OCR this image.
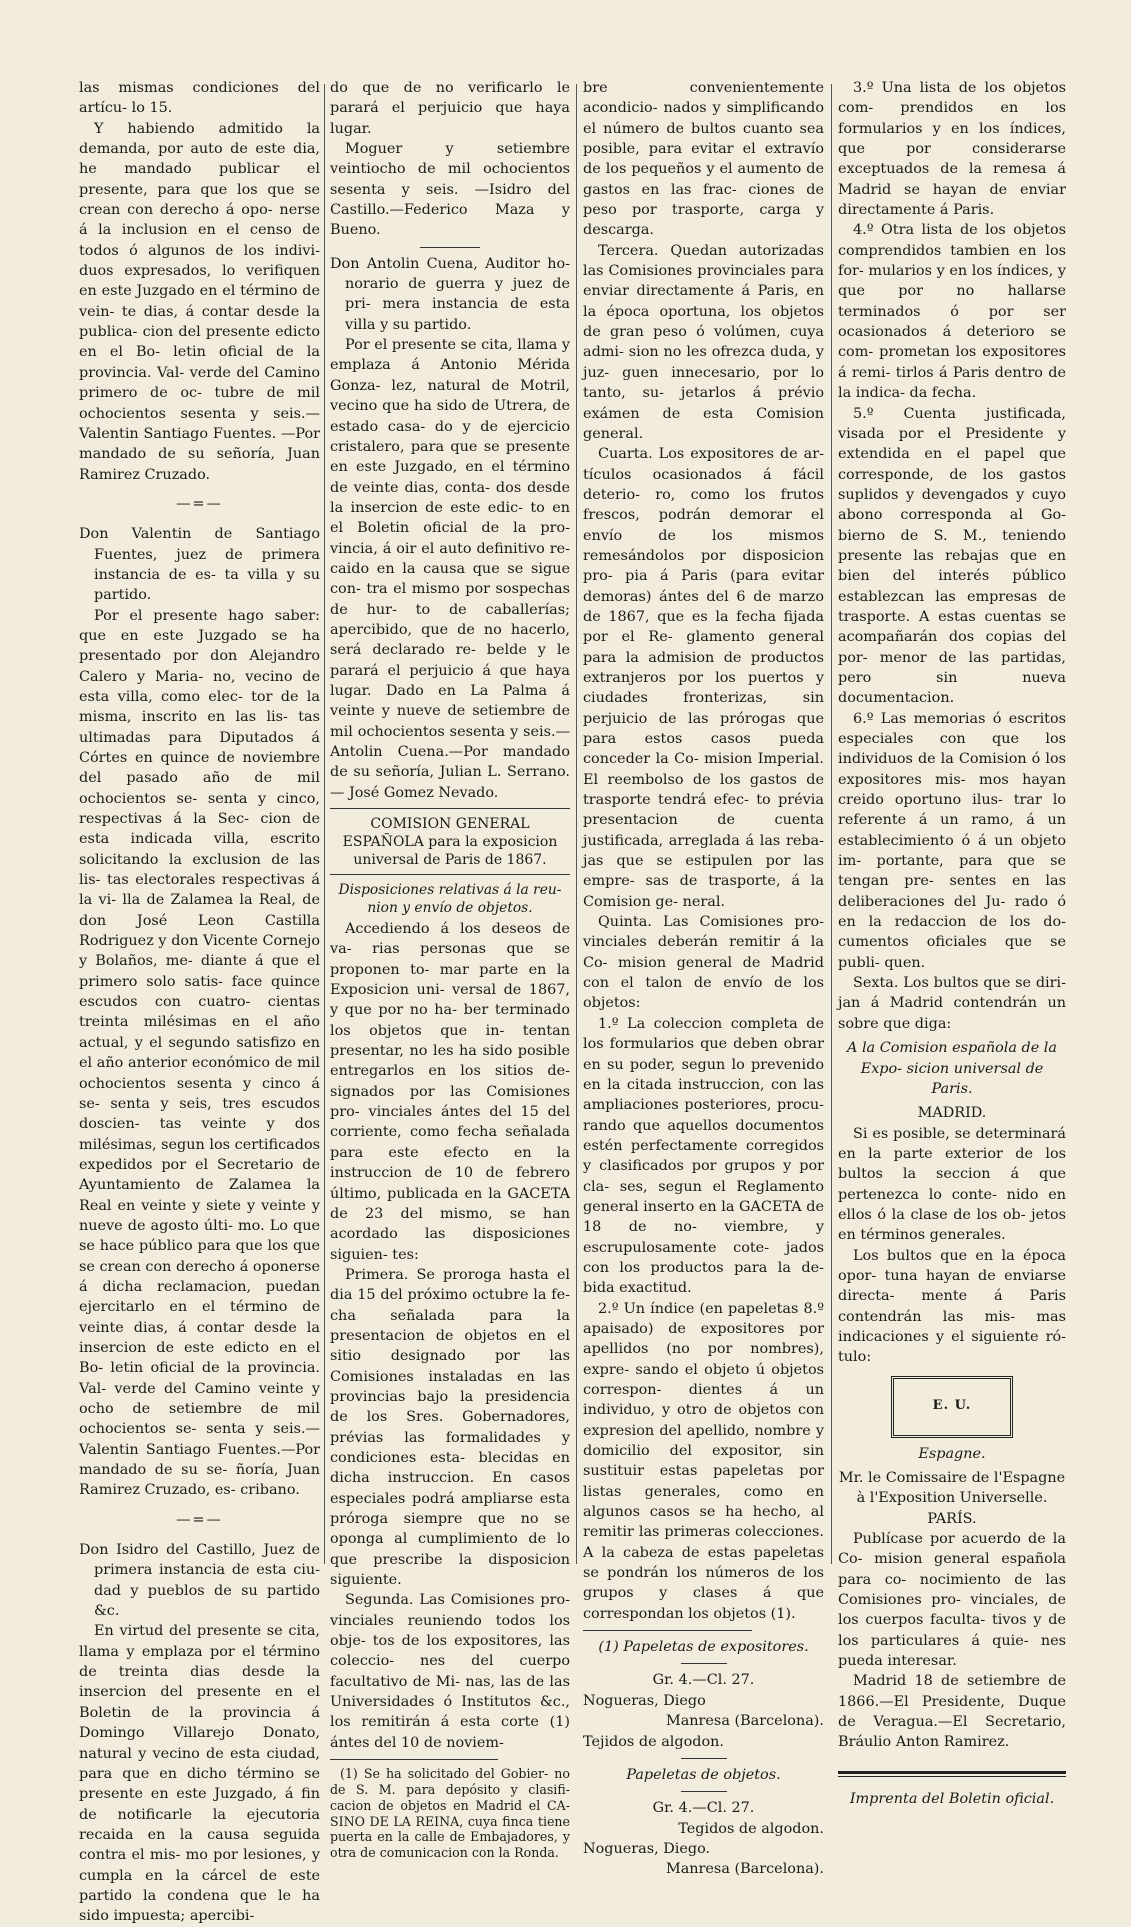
las mismas condiciones del artícu- lo 15.

Y habiendo admitido la demanda, por auto de este dia, he mandado publicar el presente, para que los que se crean con derecho á opo- nerse á la inclusion en el censo de todos ó algunos de los indivi- duos expresados, lo verifiquen en este Juzgado en el término de vein- te dias, á contar desde la publica- cion del presente edicto en el Bo- letin oficial de la provincia. Val- verde del Camino primero de oc- tubre de mil ochocientos sesenta y seis.—Valentin Santiago Fuentes. —Por mandado de su señoría, Juan Ramirez Cruzado.

—=—

Don Valentin de Santiago Fuentes, juez de primera instancia de es- ta villa y su partido.

Por el presente hago saber: que en este Juzgado se ha presentado por don Alejandro Calero y Maria- no, vecino de esta villa, como elec- tor de la misma, inscrito en las lis- tas ultimadas para Diputados á Córtes en quince de noviembre del pasado año de mil ochocientos se- senta y cinco, respectivas á la Sec- cion de esta indicada villa, escrito solicitando la exclusion de las lis- tas electorales respectivas á la vi- lla de Zalamea la Real, de don José Leon Castilla Rodriguez y don Vicente Cornejo y Bolaños, me- diante á que el primero solo satis- face quince escudos con cuatro- cientas treinta milésimas en el año actual, y el segundo satisfizo en el año anterior económico de mil ochocientos sesenta y cinco á se- senta y seis, tres escudos doscien- tas veinte y dos milésimas, segun los certificados expedidos por el Secretario de Ayuntamiento de Zalamea la Real en veinte y siete y veinte y nueve de agosto últi- mo. Lo que se hace público para que los que se crean con derecho á oponerse á dicha reclamacion, puedan ejercitarlo en el término de veinte dias, á contar desde la insercion de este edicto en el Bo- letin oficial de la provincia. Val- verde del Camino veinte y ocho de setiembre de mil ochocientos se- senta y seis.—Valentin Santiago Fuentes.—Por mandado de su se- ñoría, Juan Ramirez Cruzado, es- cribano.

—=—

Don Isidro del Castillo, Juez de primera instancia de esta ciu- dad y pueblos de su partido &c.

En virtud del presente se cita, llama y emplaza por el término de treinta dias desde la insercion del presente en el Boletin de la provincia á Domingo Villarejo Donato, natural y vecino de esta ciudad, para que en dicho término se presente en este Juzgado, á fin de notificarle la ejecutoria recaida en la causa seguida contra el mis- mo por lesiones, y cumpla en la cárcel de este partido la condena que le ha sido impuesta; apercibi-

do que de no verificarlo le parará el perjuicio que haya lugar.

Moguer y setiembre veintiocho de mil ochocientos sesenta y seis. —Isidro del Castillo.—Federico Maza y Bueno.

Don Antolin Cuena, Auditor ho- norario de guerra y juez de pri- mera instancia de esta villa y su partido.

Por el presente se cita, llama y emplaza á Antonio Mérida Gonza- lez, natural de Motril, vecino que ha sido de Utrera, de estado casa- do y de ejercicio cristalero, para que se presente en este Juzgado, en el término de veinte dias, conta- dos desde la insercion de este edic- to en el Boletin oficial de la pro- vincia, á oir el auto definitivo re- caido en la causa que se sigue con- tra el mismo por sospechas de hur- to de caballerías; apercibido, que de no hacerlo, será declarado re- belde y le parará el perjuicio á que haya lugar. Dado en La Palma á veinte y nueve de setiembre de mil ochocientos sesenta y seis.— Antolin Cuena.—Por mandado de su señoría, Julian L. Serrano.— José Gomez Nevado.

COMISION GENERAL ESPAÑOLA para la exposicion universal de Paris de 1867.
Disposiciones relativas á la reu- nion y envío de objetos.

Accediendo á los deseos de va- rias personas que se proponen to- mar parte en la Exposicion uni- versal de 1867, y que por no ha- ber terminado los objetos que in- tentan presentar, no les ha sido posible entregarlos en los sitios de- signados por las Comisiones pro- vinciales ántes del 15 del corriente, como fecha señalada para este efecto en la instruccion de 10 de febrero último, publicada en la GACETA de 23 del mismo, se han acordado las disposiciones siguien- tes:

Primera. Se proroga hasta el dia 15 del próximo octubre la fe- cha señalada para la presentacion de objetos en el sitio designado por las Comisiones instaladas en las provincias bajo la presidencia de los Sres. Gobernadores, prévias las formalidades y condiciones esta- blecidas en dicha instruccion. En casos especiales podrá ampliarse esta próroga siempre que no se oponga al cumplimiento de lo que prescribe la disposicion siguiente.

Segunda. Las Comisiones pro- vinciales reuniendo todos los obje- tos de los expositores, las coleccio- nes del cuerpo facultativo de Mi- nas, las de las Universidades ó Institutos &c., los remitirán á esta corte (1) ántes del 10 de noviem-

(1) Se ha solicitado del Gobier- no de S. M. para depósito y clasifi- cacion de objetos en Madrid el CA- SINO DE LA REINA, cuya finca tiene puerta en la calle de Embajadores, y otra de comunicacion con la Ronda.

bre convenientemente acondicio- nados y simplificando el número de bultos cuanto sea posible, para evitar el extravío de los pequeños y el aumento de gastos en las frac- ciones de peso por trasporte, carga y descarga.

Tercera. Quedan autorizadas las Comisiones provinciales para enviar directamente á Paris, en la época oportuna, los objetos de gran peso ó volúmen, cuya admi- sion no les ofrezca duda, y juz- guen innecesario, por lo tanto, su- jetarlos á prévio exámen de esta Comision general.

Cuarta. Los expositores de ar- tículos ocasionados á fácil deterio- ro, como los frutos frescos, podrán demorar el envío de los mismos remesándolos por disposicion pro- pia á Paris (para evitar demoras) ántes del 6 de marzo de 1867, que es la fecha fijada por el Re- glamento general para la admision de productos extranjeros por los puertos y ciudades fronterizas, sin perjuicio de las prórogas que para estos casos pueda conceder la Co- mision Imperial. El reembolso de los gastos de trasporte tendrá efec- to prévia presentacion de cuenta justificada, arreglada á las reba- jas que se estipulen por las empre- sas de trasporte, á la Comision ge- neral.

Quinta. Las Comisiones pro- vinciales deberán remitir á la Co- mision general de Madrid con el talon de envío de los objetos:

1.º La coleccion completa de los formularios que deben obrar en su poder, segun lo prevenido en la citada instruccion, con las ampliaciones posteriores, procu- rando que aquellos documentos estén perfectamente corregidos y clasificados por grupos y por cla- ses, segun el Reglamento general inserto en la GACETA de 18 de no- viembre, y escrupulosamente cote- jados con los productos para la de- bida exactitud.

2.º Un índice (en papeletas 8.º apaisado) de expositores por apellidos (no por nombres), expre- sando el objeto ú objetos correspon- dientes á un individuo, y otro de objetos con expresion del apellido, nombre y domicilio del expositor, sin sustituir estas papeletas por listas generales, como en algunos casos se ha hecho, al remitir las primeras colecciones. A la cabeza de estas papeletas se pondrán los números de los grupos y clases á que correspondan los objetos (1).

(1) Papeletas de expositores.
Gr. 4.—Cl. 27.
Nogueras, Diego
Manresa (Barcelona).
Tejidos de algodon.
Papeletas de objetos.
Gr. 4.—Cl. 27.
Tegidos de algodon.
Nogueras, Diego.
Manresa (Barcelona).

3.º Una lista de los objetos com- prendidos en los formularios y en los índices, que por considerarse exceptuados de la remesa á Madrid se hayan de enviar directamente á Paris.

4.º Otra lista de los objetos comprendidos tambien en los for- mularios y en los índices, y que por no hallarse terminados ó por ser ocasionados á deterioro se com- prometan los expositores á remi- tirlos á Paris dentro de la indica- da fecha.

5.º Cuenta justificada, visada por el Presidente y extendida en el papel que corresponde, de los gastos suplidos y devengados y cuyo abono corresponda al Go- bierno de S. M., teniendo presente las rebajas que en bien del interés público establezcan las empresas de trasporte. A estas cuentas se acompañarán dos copias del por- menor de las partidas, pero sin nueva documentacion.

6.º Las memorias ó escritos especiales con que los individuos de la Comision ó los expositores mis- mos hayan creido oportuno ilus- trar lo referente á un ramo, á un establecimiento ó á un objeto im- portante, para que se tengan pre- sentes en las deliberaciones del Ju- rado ó en la redaccion de los do- cumentos oficiales que se publi- quen.

Sexta. Los bultos que se diri- jan á Madrid contendrán un sobre que diga:

A la Comision española de la Expo- sicion universal de Paris.
MADRID.

Si es posible, se determinará en la parte exterior de los bultos la seccion á que pertenezca lo conte- nido en ellos ó la clase de los ob- jetos en términos generales.

Los bultos que en la época opor- tuna hayan de enviarse directa- mente á Paris contendrán las mis- mas indicaciones y el siguiente ró- tulo:

E. U.
Espagne.
Mr. le Comissaire de l'Espagne à l'Exposition Universelle.
PARÍS.

Publícase por acuerdo de la Co- mision general española para co- nocimiento de las Comisiones pro- vinciales, de los cuerpos faculta- tivos y de los particulares á quie- nes pueda interesar.

Madrid 18 de setiembre de 1866.—El Presidente, Duque de Veragua.—El Secretario, Bráulio Anton Ramirez.

Imprenta del Boletin oficial.
